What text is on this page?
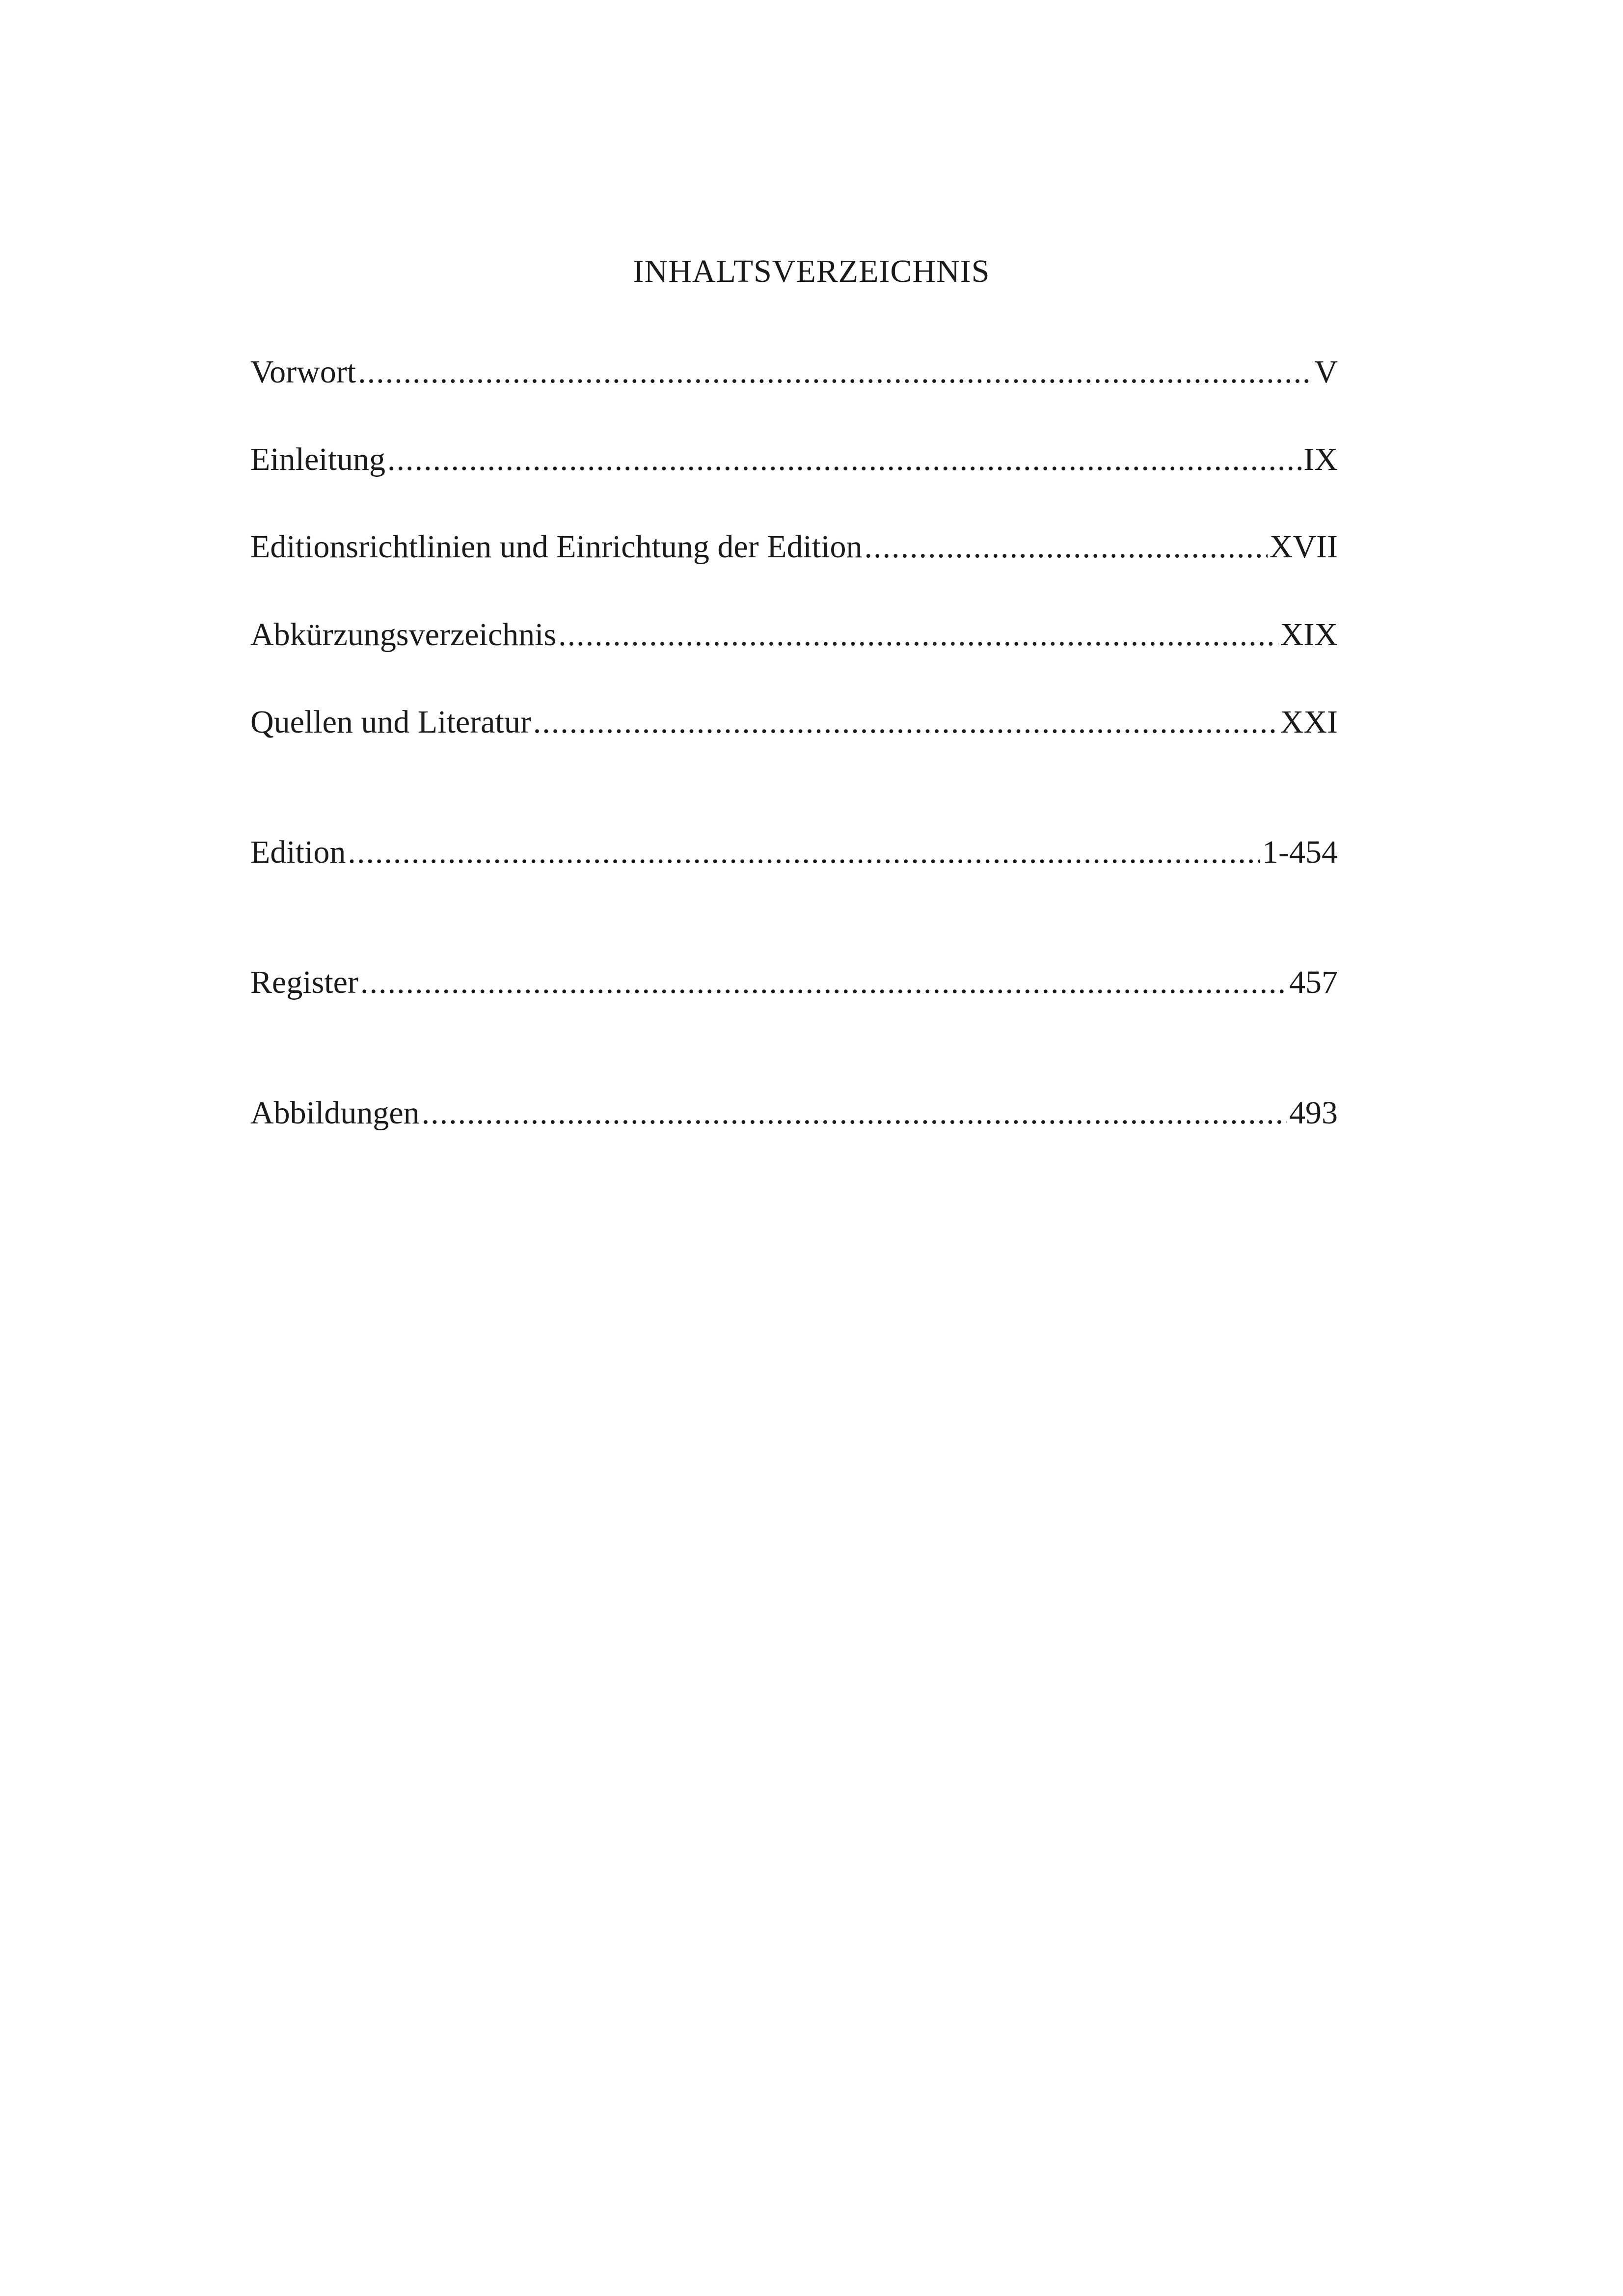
INHALTSVERZEICHNIS
Vorwort .....	V
Einleitung .....	IX
Editionsrichtlinien und Einrichtung der Edition .....	XVII
Abkürzungsverzeichnis .....	XIX
Quellen und Literatur .....	XXI
Edition .....	1-454
Register .....	457
Abbildungen .....	493
